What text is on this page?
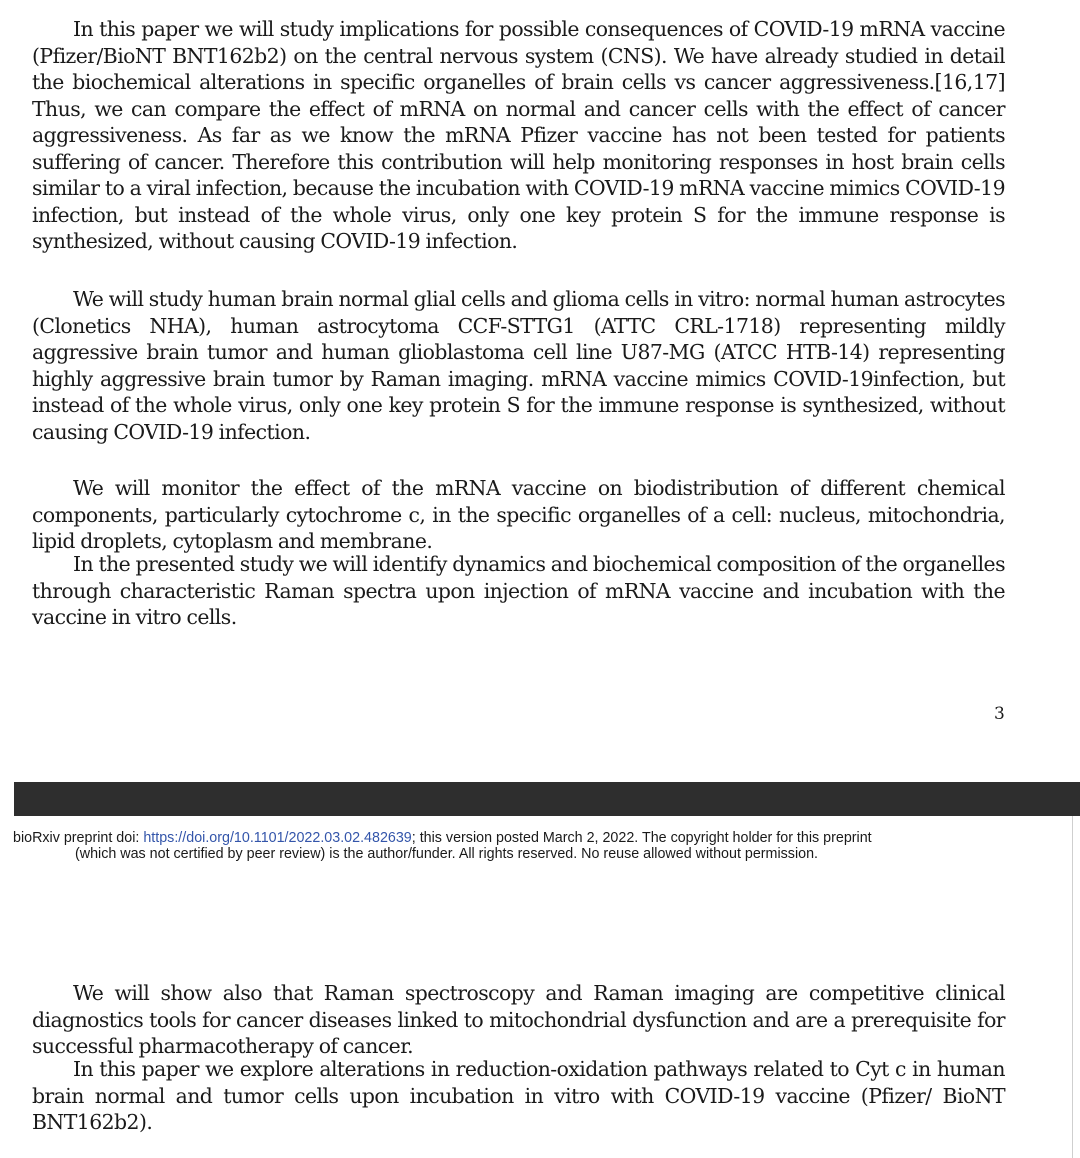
In this paper we will study implications for possible consequences of COVID-19 mRNA vaccine (Pfizer/BioNT BNT162b2) on the central nervous system (CNS). We have already studied in detail the biochemical alterations in specific organelles of brain cells vs cancer aggressiveness.[16,17] Thus, we can compare the effect of mRNA on normal and cancer cells with the effect of cancer aggressiveness. As far as we know the mRNA Pfizer vaccine has not been tested for patients suffering of cancer. Therefore this contribution will help monitoring responses in host brain cells similar to a viral infection, because the incubation with COVID-19 mRNA vaccine mimics COVID-19 infection, but instead of the whole virus, only one key protein S for the immune response is synthesized, without causing COVID-19 infection.

We will study human brain normal glial cells and glioma cells in vitro: normal human astrocytes (Clonetics NHA), human astrocytoma CCF-STTG1 (ATTC CRL-1718) representing mildly aggressive brain tumor and human glioblastoma cell line U87-MG (ATCC HTB-14) representing highly aggressive brain tumor by Raman imaging. mRNA vaccine mimics COVID-19infection, but instead of the whole virus, only one key protein S for the immune response is synthesized, without causing COVID-19 infection.

We will monitor the effect of the mRNA vaccine on biodistribution of different chemical components, particularly cytochrome c, in the specific organelles of a cell: nucleus, mitochondria, lipid droplets, cytoplasm and membrane.

In the presented study we will identify dynamics and biochemical composition of the organelles through characteristic Raman spectra upon injection of mRNA vaccine and incubation with the vaccine in vitro cells.

3
bioRxiv preprint doi: https://doi.org/10.1101/2022.03.02.482639; this version posted March 2, 2022. The copyright holder for this preprint
(which was not certified by peer review) is the author/funder. All rights reserved. No reuse allowed without permission.

We will show also that Raman spectroscopy and Raman imaging are competitive clinical diagnostics tools for cancer diseases linked to mitochondrial dysfunction and are a prerequisite for successful pharmacotherapy of cancer.

In this paper we explore alterations in reduction-oxidation pathways related to Cyt c in human brain normal and tumor cells upon incubation in vitro with COVID-19 vaccine (Pfizer/ BioNT BNT162b2).
